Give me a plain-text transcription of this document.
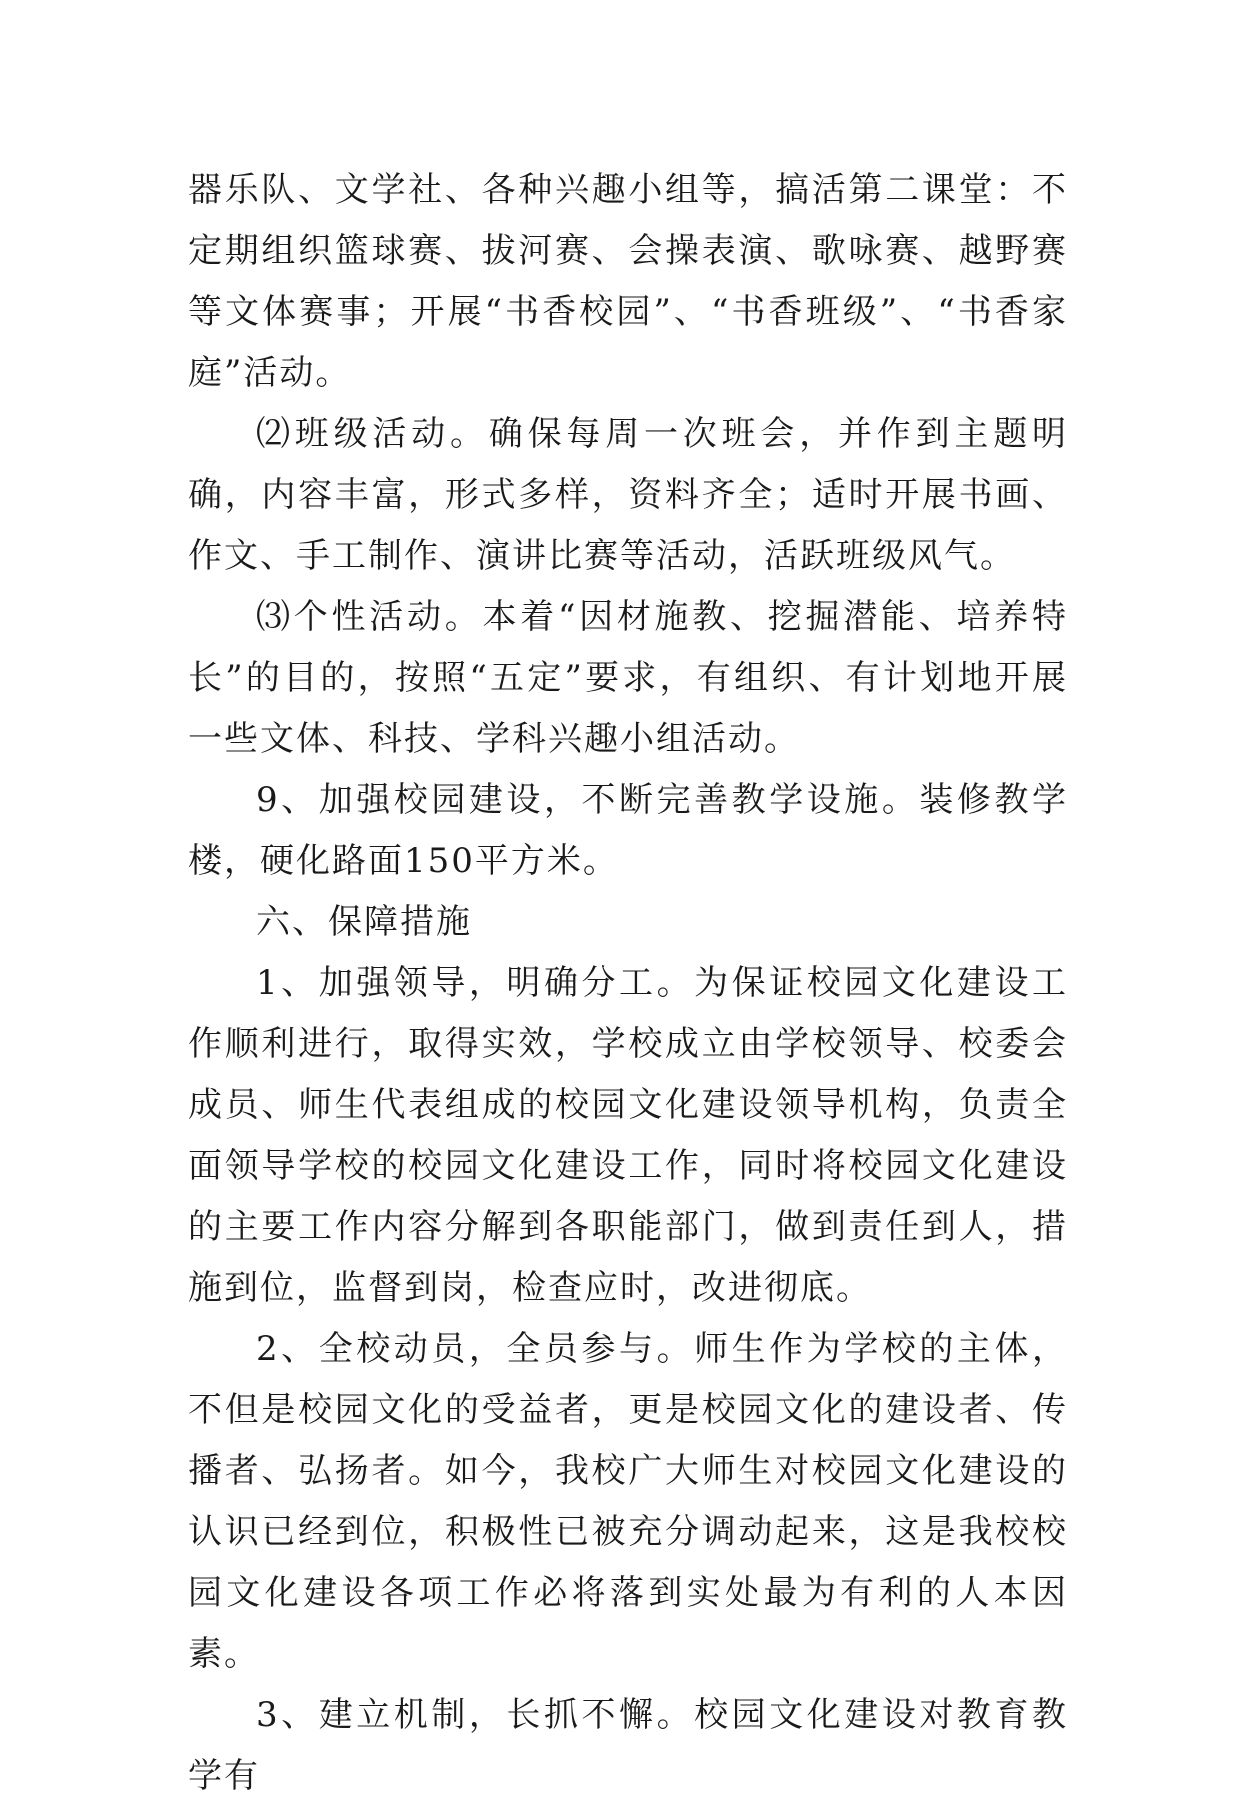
器乐队、文学社、各种兴趣小组等，搞活第二课堂：不定期组织篮球赛、拔河赛、会操表演、歌咏赛、越野赛等文体赛事；开展“书香校园”、“书香班级”、“书香家庭”活动。

⑵班级活动。确保每周一次班会，并作到主题明确，内容丰富，形式多样，资料齐全；适时开展书画、作文、手工制作、演讲比赛等活动，活跃班级风气。

⑶个性活动。本着“因材施教、挖掘潜能、培养特长”的目的，按照“五定”要求，有组织、有计划地开展一些文体、科技、学科兴趣小组活动。

9、加强校园建设，不断完善教学设施。装修教学楼，硬化路面150平方米。

六、保障措施

1、加强领导，明确分工。为保证校园文化建设工作顺利进行，取得实效，学校成立由学校领导、校委会成员、师生代表组成的校园文化建设领导机构，负责全面领导学校的校园文化建设工作，同时将校园文化建设的主要工作内容分解到各职能部门，做到责任到人，措施到位，监督到岗，检查应时，改进彻底。

2、全校动员，全员参与。师生作为学校的主体，不但是校园文化的受益者，更是校园文化的建设者、传播者、弘扬者。如今，我校广大师生对校园文化建设的认识已经到位，积极性已被充分调动起来，这是我校校园文化建设各项工作必将落到实处最为有利的人本因素。

3、建立机制，长抓不懈。校园文化建设对教育教学有
